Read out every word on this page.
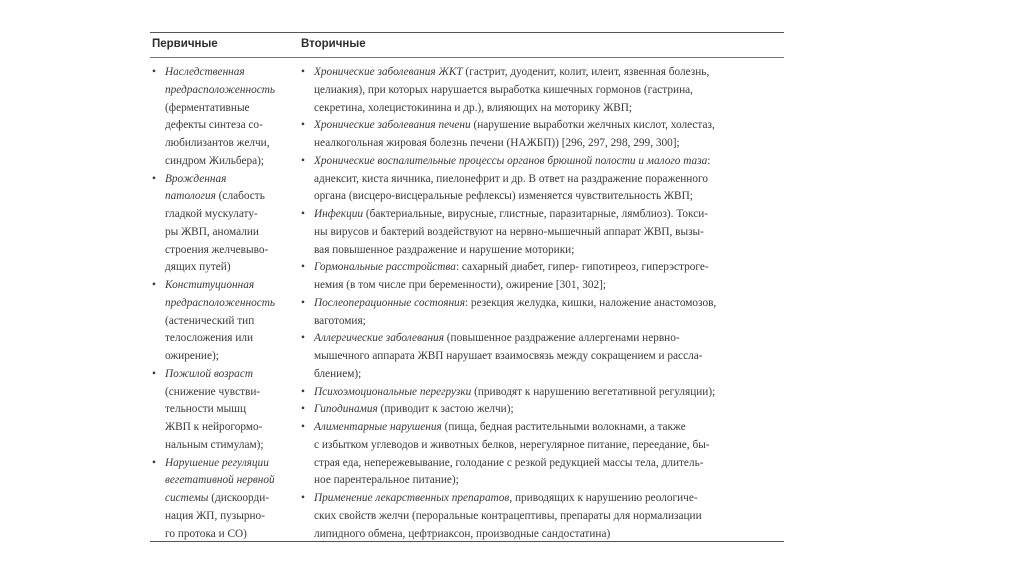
Первичные	Вторичные
• Наследственная
предрасположенность
(ферментативные
дефекты синтеза со-
любилизантов желчи,
синдром Жильбера);
• Врожденная
патология (слабость
гладкой мускулату-
ры ЖВП, аномалии
строения желчевыво-
дящих путей)
• Конституционная
предрасположенность
(астенический тип
телосложения или
ожирение);
• Пожилой возраст
(снижение чувстви-
тельности мышц
ЖВП к нейрогормо-
нальным стимулам);
• Нарушение регуляции
вегетативной нервной
системы (дискоорди-
нация ЖП, пузырно-
го протока и СО)
• Хронические заболевания ЖКТ (гастрит, дуоденит, колит, илеит, язвенная болезнь,
целиакия), при которых нарушается выработка кишечных гормонов (гастрина,
секретина, холецистокинина и др.), влияющих на моторику ЖВП;
• Хронические заболевания печени (нарушение выработки желчных кислот, холестаз,
неалкогольная жировая болезнь печени (НАЖБП)) [296, 297, 298, 299, 300];
• Хронические воспалительные процессы органов брюшной полости и малого таза:
аднексит, киста яичника, пиелонефрит и др. В ответ на раздражение пораженного
органа (висцеро-висцеральные рефлексы) изменяется чувствительность ЖВП;
• Инфекции (бактериальные, вирусные, глистные, паразитарные, лямблиоз). Токси-
ны вирусов и бактерий воздействуют на нервно-мышечный аппарат ЖВП, вызы-
вая повышенное раздражение и нарушение моторики;
• Гормональные расстройства: сахарный диабет, гипер- гипотиреоз, гиперэстроге-
немия (в том числе при беременности), ожирение [301, 302];
• Послеоперационные состояния: резекция желудка, кишки, наложение анастомозов,
ваготомия;
• Аллергические заболевания (повышенное раздражение аллергенами нервно-
мышечного аппарата ЖВП нарушает взаимосвязь между сокращением и рассла-
блением);
• Психоэмоциональные перегрузки (приводят к нарушению вегетативной регуляции);
• Гиподинамия (приводит к застою желчи);
• Алиментарные нарушения (пища, бедная растительными волокнами, а также
с избытком углеводов и животных белков, нерегулярное питание, переедание, бы-
страя еда, непережевывание, голодание с резкой редукцией массы тела, длитель-
ное парентеральное питание);
• Применение лекарственных препаратов, приводящих к нарушению реологиче-
ских свойств желчи (пероральные контрацептивы, препараты для нормализации
липидного обмена, цефтриаксон, производные сандостатина)
